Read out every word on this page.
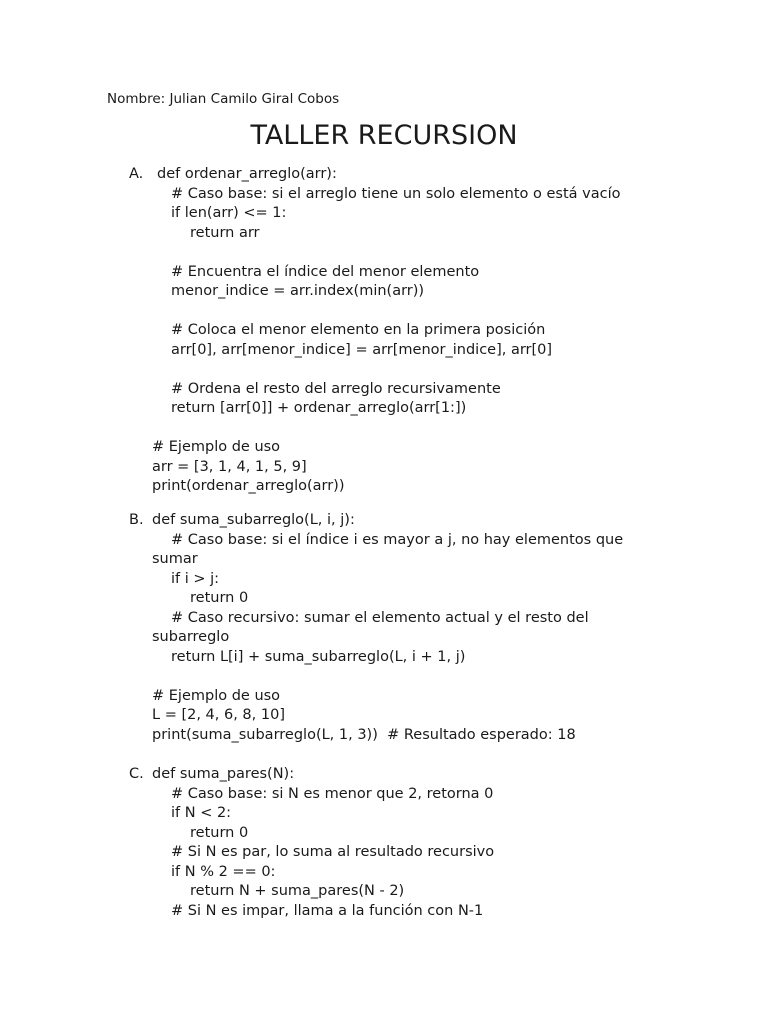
Nombre: Julian Camilo Giral Cobos
TALLER RECURSION
A. def ordenar_arreglo(arr):
# Caso base: si el arreglo tiene un solo elemento o está vacío
if len(arr) <= 1:
return arr
# Encuentra el índice del menor elemento
menor_indice = arr.index(min(arr))
# Coloca el menor elemento en la primera posición
arr[0], arr[menor_indice] = arr[menor_indice], arr[0]
# Ordena el resto del arreglo recursivamente
return [arr[0]] + ordenar_arreglo(arr[1:])
# Ejemplo de uso
arr = [3, 1, 4, 1, 5, 9]
print(ordenar_arreglo(arr))
B. def suma_subarreglo(L, i, j):
# Caso base: si el índice i es mayor a j, no hay elementos que
sumar
if i > j:
return 0
# Caso recursivo: sumar el elemento actual y el resto del
subarreglo
return L[i] + suma_subarreglo(L, i + 1, j)
# Ejemplo de uso
L = [2, 4, 6, 8, 10]
print(suma_subarreglo(L, 1, 3))  # Resultado esperado: 18
C. def suma_pares(N):
# Caso base: si N es menor que 2, retorna 0
if N < 2:
return 0
# Si N es par, lo suma al resultado recursivo
if N % 2 == 0:
return N + suma_pares(N - 2)
# Si N es impar, llama a la función con N-1
